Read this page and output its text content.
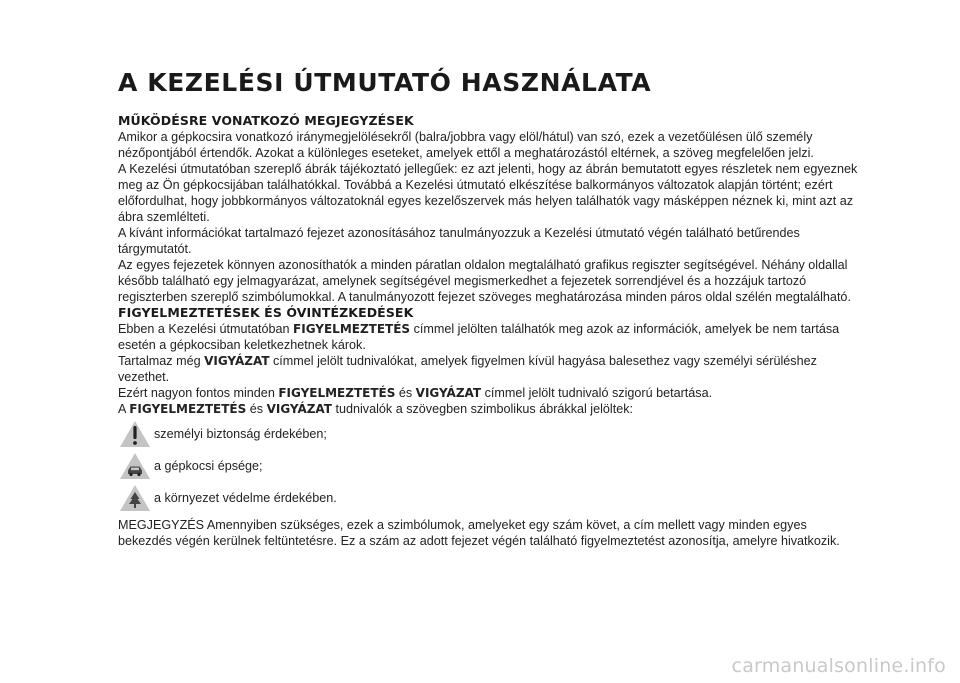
A KEZELÉSI ÚTMUTATÓ HASZNÁLATA
MŰKÖDÉSRE VONATKOZÓ MEGJEGYZÉSEK

Amikor a gépkocsira vonatkozó iránymegjelölésekről (balra/jobbra vagy elöl/hátul) van szó, ezek a vezetőülésen ülő személy nézőpontjából értendők. Azokat a különleges eseteket, amelyek ettől a meghatározástól eltérnek, a szöveg megfelelően jelzi.

A Kezelési útmutatóban szereplő ábrák tájékoztató jellegűek: ez azt jelenti, hogy az ábrán bemutatott egyes részletek nem egyeznek meg az Ön gépkocsijában találhatókkal. Továbbá a Kezelési útmutató elkészítése balkormányos változatok alapján történt; ezért előfordulhat, hogy jobbkormányos változatoknál egyes kezelőszervek más helyen találhatók vagy másképpen néznek ki, mint azt az ábra szemlélteti.

A kívánt információkat tartalmazó fejezet azonosításához tanulmányozzuk a Kezelési útmutató végén található betűrendes tárgymutatót.

Az egyes fejezetek könnyen azonosíthatók a minden páratlan oldalon megtalálható grafikus regiszter segítségével. Néhány oldallal később található egy jelmagyarázat, amelynek segítségével megismerkedhet a fejezetek sorrendjével és a hozzájuk tartozó regiszterben szereplő szimbólumokkal. A tanulmányozott fejezet szöveges meghatározása minden páros oldal szélén megtalálható.

FIGYELMEZTETÉSEK ÉS ÓVINTÉZKEDÉSEK

Ebben a Kezelési útmutatóban FIGYELMEZTETÉS címmel jelölten találhatók meg azok az információk, amelyek be nem tartása esetén a gépkocsiban keletkezhetnek károk.

Tartalmaz még VIGYÁZAT címmel jelölt tudnivalókat, amelyek figyelmen kívül hagyása balesethez vagy személyi sérüléshez vezethet.

Ezért nagyon fontos minden FIGYELMEZTETÉS és VIGYÁZAT címmel jelölt tudnivaló szigorú betartása.

A FIGYELMEZTETÉS és VIGYÁZAT tudnivalók a szövegben szimbolikus ábrákkal jelöltek:

személyi biztonság érdekében;
a gépkocsi épsége;
a környezet védelme érdekében.

MEGJEGYZÉS Amennyiben szükséges, ezek a szimbólumok, amelyeket egy szám követ, a cím mellett vagy minden egyes bekezdés végén kerülnek feltüntetésre. Ez a szám az adott fejezet végén található figyelmeztetést azonosítja, amelyre hivatkozik.

carmanualsonline.info
